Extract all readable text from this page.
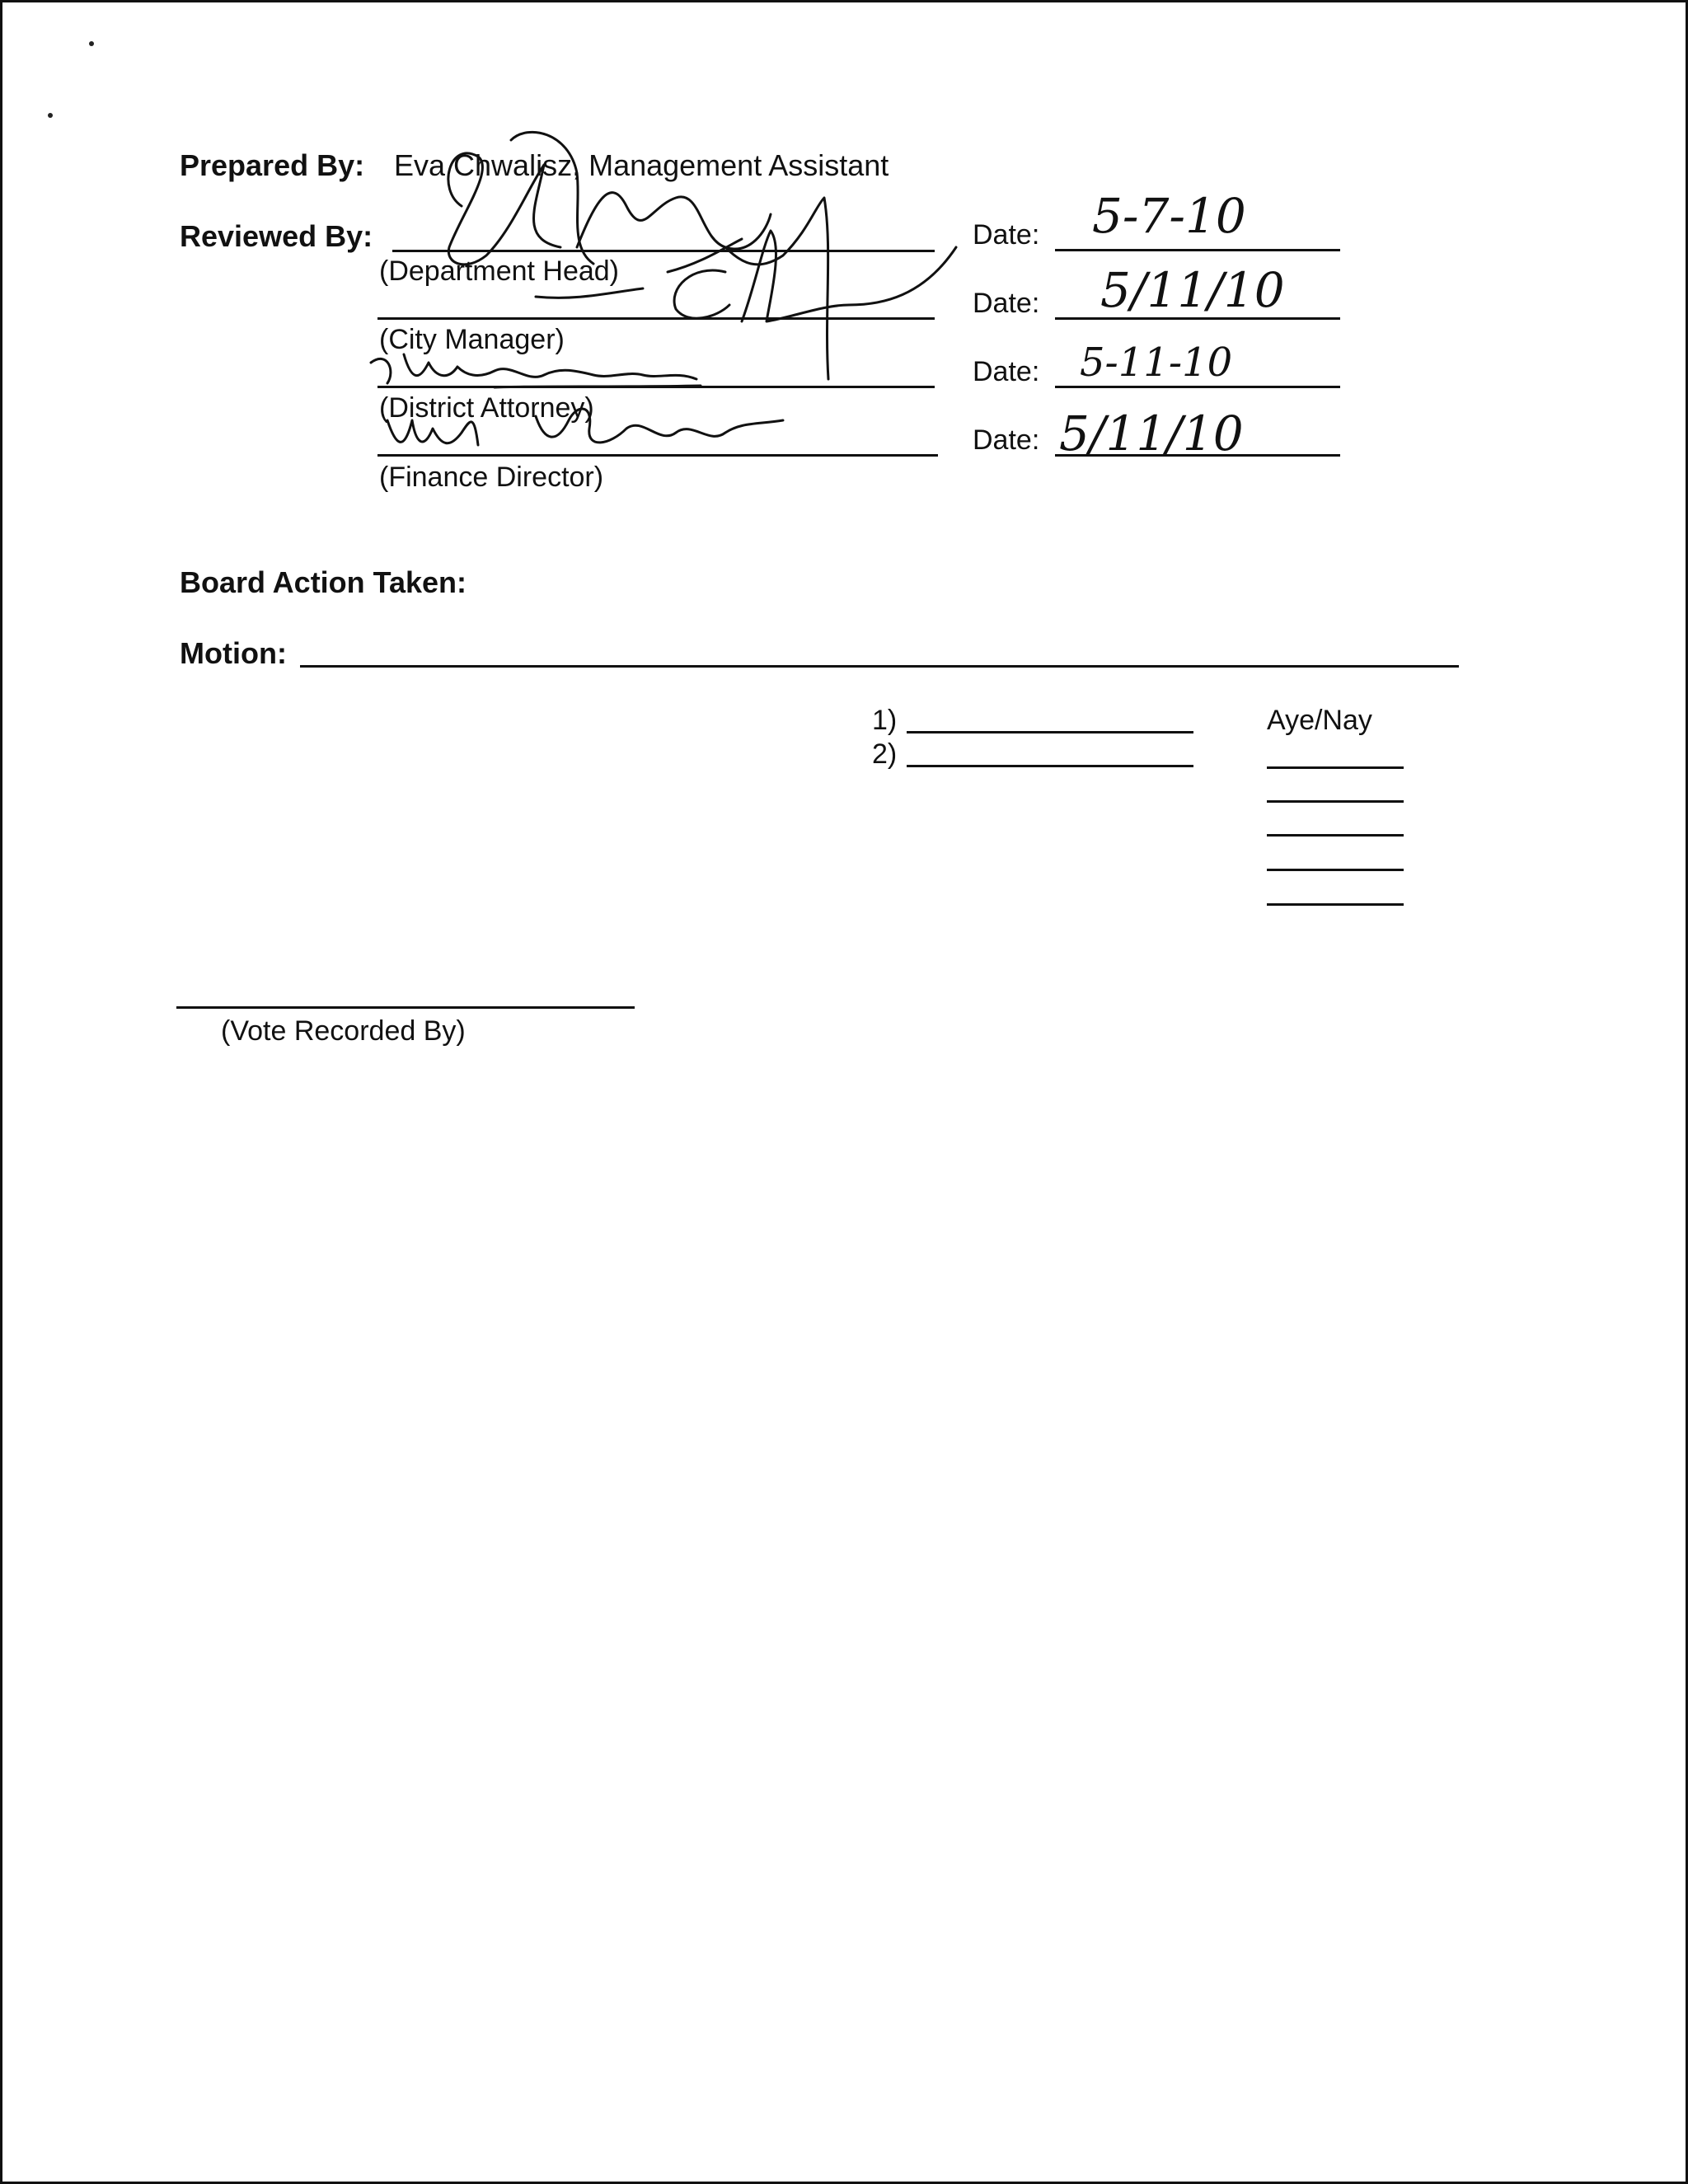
Prepared By: Eva Chwalisz, Management Assistant
Reviewed By:
(Department Head)
(City Manager)
(District Attorney)
(Finance Director)
Date:
Date:
Date:
Date:
5-7-10
5/11/10
5-11-10
5/11/10
Board Action Taken:
Motion:
1)
2)
Aye/Nay
(Vote Recorded By)
